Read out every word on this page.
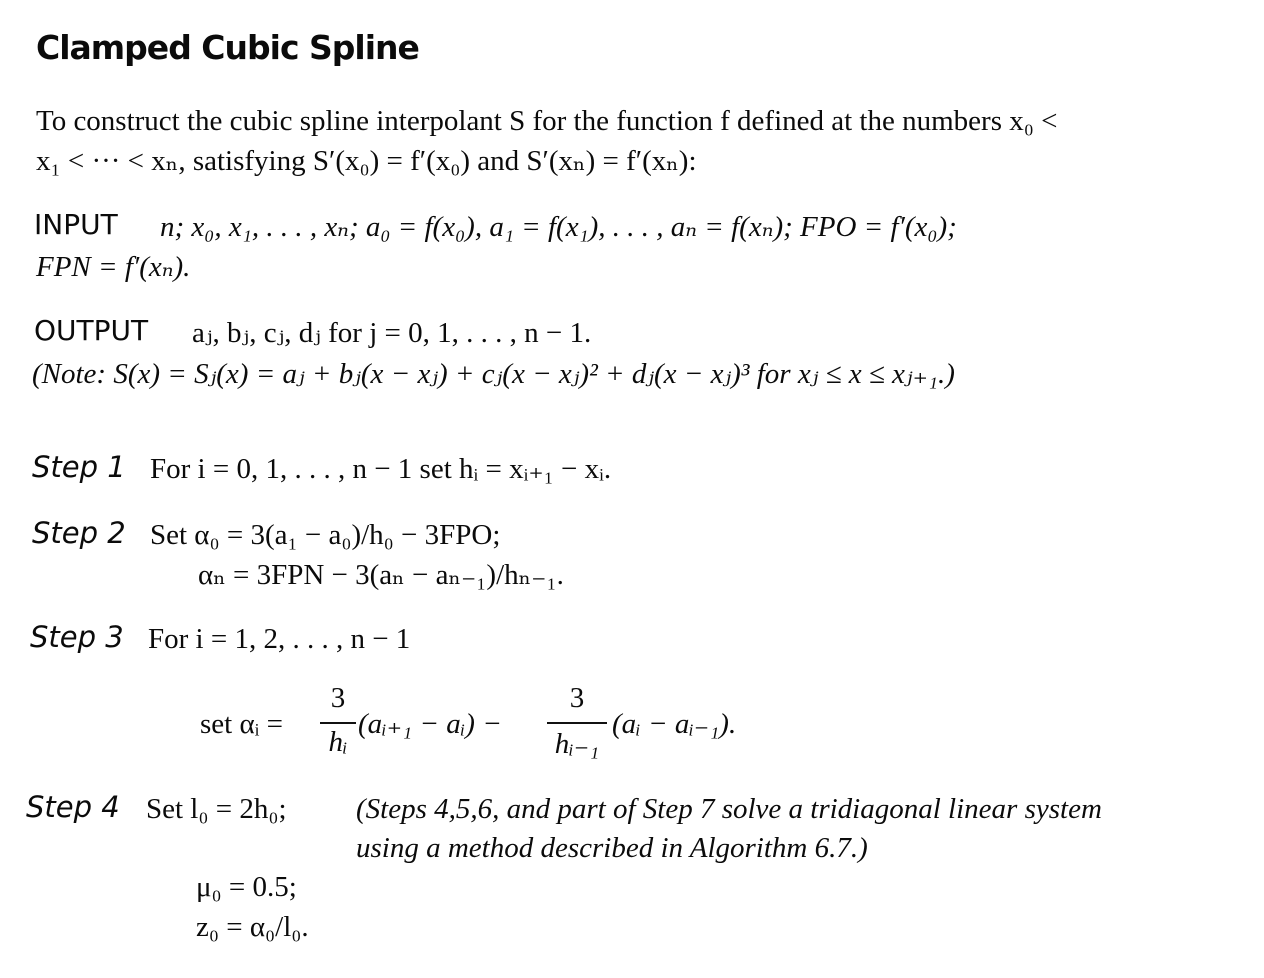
Clamped Cubic Spline
To construct the cubic spline interpolant S for the function f defined at the numbers x₀ <
x₁ < ··· < xₙ, satisfying S′(x₀) = f′(x₀) and S′(xₙ) = f′(xₙ):
INPUT n; x₀, x₁, . . . , xₙ; a₀ = f(x₀), a₁ = f(x₁), . . . , aₙ = f(xₙ); FPO = f′(x₀);
FPN = f′(xₙ).
OUTPUT aⱼ, bⱼ, cⱼ, dⱼ for j = 0, 1, . . . , n − 1.
(Note: S(x) = Sⱼ(x) = aⱼ + bⱼ(x − xⱼ) + cⱼ(x − xⱼ)² + dⱼ(x − xⱼ)³ for xⱼ ≤ x ≤ xⱼ₊₁.)
Step 1 For i = 0, 1, . . . , n − 1 set hᵢ = xᵢ₊₁ − xᵢ.
Step 2 Set α₀ = 3(a₁ − a₀)/h₀ − 3FPO;
αₙ = 3FPN − 3(aₙ − aₙ₋₁)/hₙ₋₁.
Step 3 For i = 1, 2, . . . , n − 1
set αᵢ =
3
hᵢ
(aᵢ₊₁ − aᵢ) −
3
hᵢ₋₁
(aᵢ − aᵢ₋₁).
Step 4 Set l₀ = 2h₀; (Steps 4,5,6, and part of Step 7 solve a tridiagonal linear system
using a method described in Algorithm 6.7.)
μ₀ = 0.5;
z₀ = α₀/l₀.
